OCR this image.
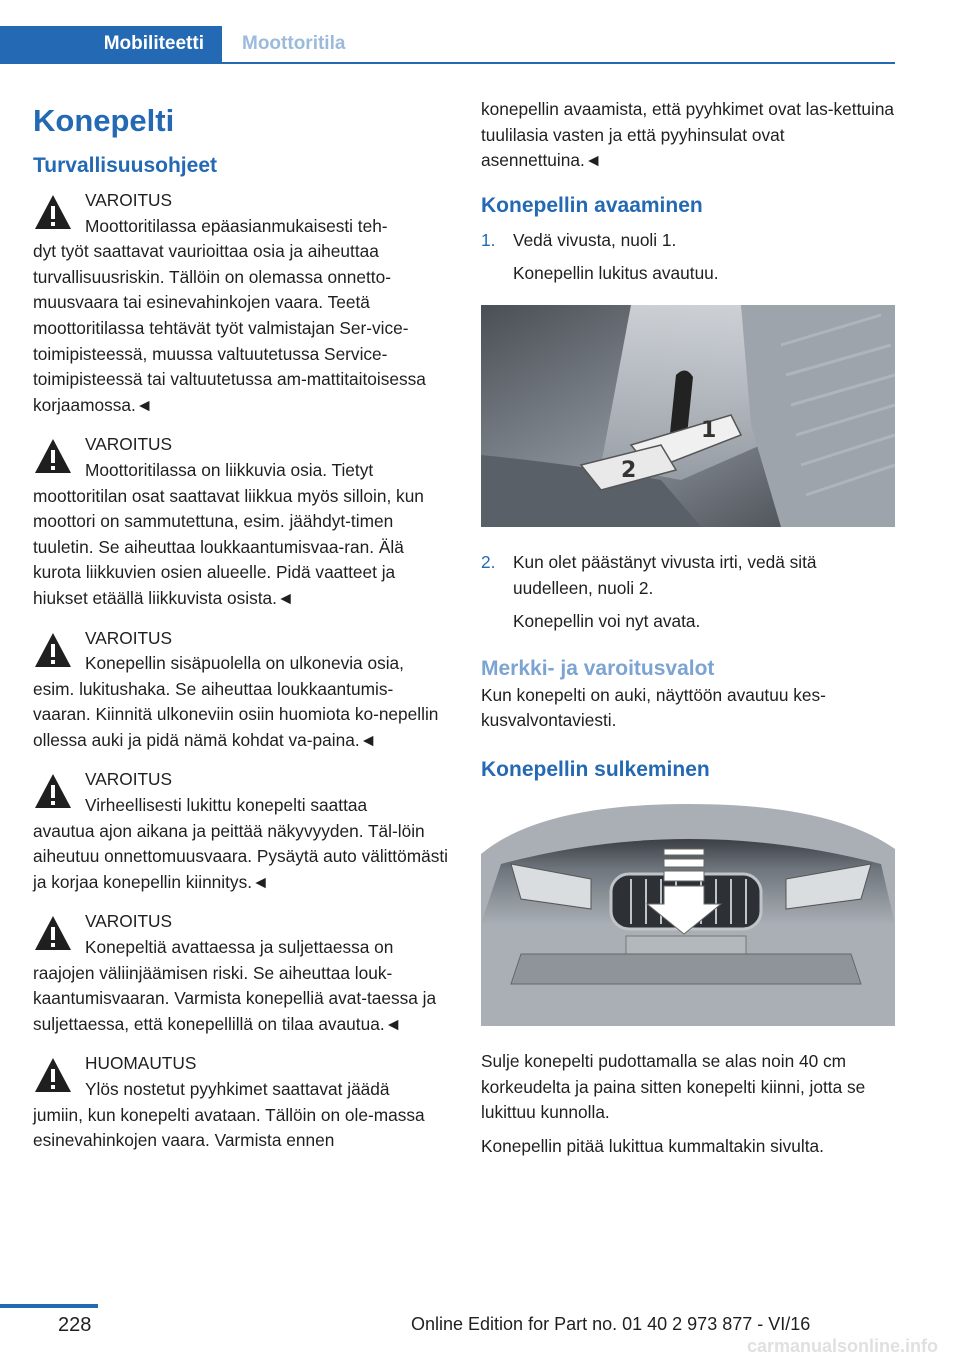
Mobiliteetti	Moottoritila
Konepelti
Turvallisuusohjeet
VAROITUS
Moottoritilassa epäasianmukaisesti teh-

dyt työt saattavat vaurioittaa osia ja aiheuttaa turvallisuusriskin. Tällöin on olemassa onnetto-muusvaara tai esinevahinkojen vaara. Teetä moottoritilassa tehtävät työt valmistajan Ser-vice-toimipisteessä, muussa valtuutetussa Service-toimipisteessä tai valtuutetussa am-mattitaitoisessa korjaamossa.◄

VAROITUS
Moottoritilassa on liikkuvia osia. Tietyt

moottoritilan osat saattavat liikkua myös silloin, kun moottori on sammutettuna, esim. jäähdyt-timen tuuletin. Se aiheuttaa loukkaantumisvaa-ran. Älä kurota liikkuvien osien alueelle. Pidä vaatteet ja hiukset etäällä liikkuvista osista.◄

VAROITUS
Konepellin sisäpuolella on ulkonevia osia,

esim. lukitushaka. Se aiheuttaa loukkaantumis-vaaran. Kiinnitä ulkoneviin osiin huomiota ko-nepellin ollessa auki ja pidä nämä kohdat va-paina.◄

VAROITUS
Virheellisesti lukittu konepelti saattaa

avautua ajon aikana ja peittää näkyvyyden. Täl-löin aiheutuu onnettomuusvaara. Pysäytä auto välittömästi ja korjaa konepellin kiinnitys.◄

VAROITUS
Konepeltiä avattaessa ja suljettaessa on

raajojen väliinjäämisen riski. Se aiheuttaa louk-kaantumisvaaran. Varmista konepelliä avat-taessa ja suljettaessa, että konepellillä on tilaa avautua.◄

HUOMAUTUS
Ylös nostetut pyyhkimet saattavat jäädä

jumiin, kun konepelti avataan. Tällöin on ole-massa esinevahinkojen vaara. Varmista ennen

konepellin avaamista, että pyyhkimet ovat las-kettuina tuulilasia vasten ja että pyyhinsulat ovat asennettuina.◄

Konepellin avaaminen
1.	Vedä vivusta, nuoli 1.
Konepellin lukitus avautuu.
1
2
2.	Kun olet päästänyt vivusta irti, vedä sitä uudelleen, nuoli 2.
Konepellin voi nyt avata.
Merkki- ja varoitusvalot

Kun konepelti on auki, näyttöön avautuu kes-kusvalvontaviesti.

Konepellin sulkeminen

Sulje konepelti pudottamalla se alas noin 40 cm korkeudelta ja paina sitten konepelti kiinni, jotta se lukittuu kunnolla.

Konepellin pitää lukittua kummaltakin sivulta.

228	Online Edition for Part no. 01 40 2 973 877 - VI/16
carmanualsonline.info
